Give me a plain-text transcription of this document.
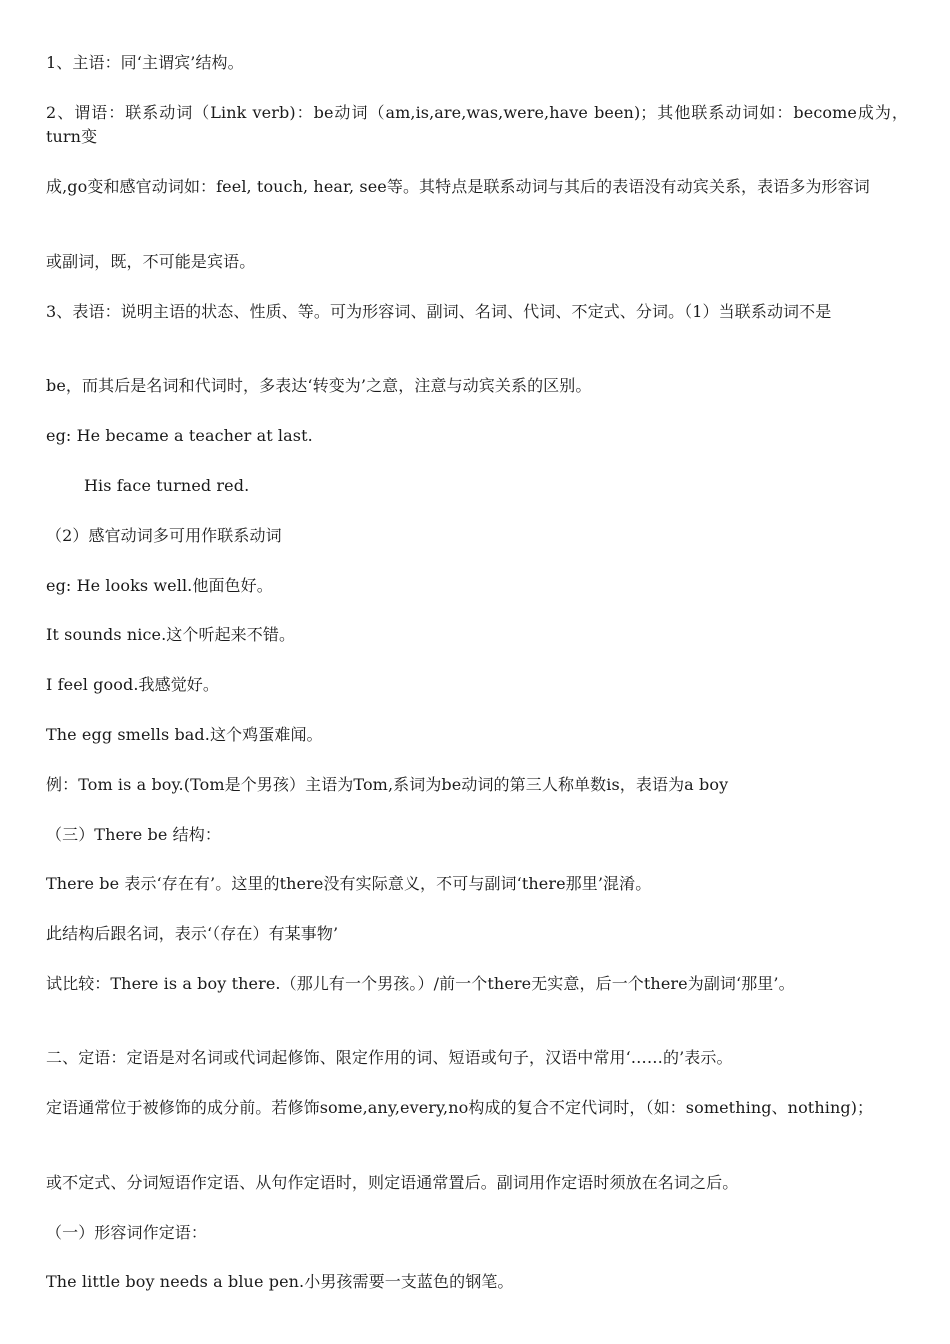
1、主语：同‘主谓宾’结构。

2、谓语：联系动词（Link verb)：be动词（am,is,are,was,were,have been)；其他联系动词如：become成为，turn变

成,go变和感官动词如：feel, touch, hear, see等。其特点是联系动词与其后的表语没有动宾关系，表语多为形容词

或副词，既，不可能是宾语。

3、表语：说明主语的状态、性质、等。可为形容词、副词、名词、代词、不定式、分词。（1）当联系动词不是

be，而其后是名词和代词时，多表达‘转变为’之意，注意与动宾关系的区别。

eg: He became a teacher at last.

His face turned red.

（2）感官动词多可用作联系动词

eg: He looks well.他面色好。

It sounds nice.这个听起来不错。

I feel good.我感觉好。

The egg smells bad.这个鸡蛋难闻。

例：Tom is a boy.(Tom是个男孩）主语为Tom,系词为be动词的第三人称单数is，表语为a boy

（三）There be 结构：

There be 表示‘存在有’。这里的there没有实际意义，不可与副词‘there那里’混淆。

此结构后跟名词，表示‘（存在）有某事物’

试比较：There is a boy there.（那儿有一个男孩。）/前一个there无实意，后一个there为副词‘那里’。

二、定语：定语是对名词或代词起修饰、限定作用的词、短语或句子，汉语中常用‘……的’表示。

定语通常位于被修饰的成分前。若修饰some,any,every,no构成的复合不定代词时，（如：something、nothing)；

或不定式、分词短语作定语、从句作定语时，则定语通常置后。副词用作定语时须放在名词之后。

（一）形容词作定语：

The little boy needs a blue pen.小男孩需要一支蓝色的钢笔。
